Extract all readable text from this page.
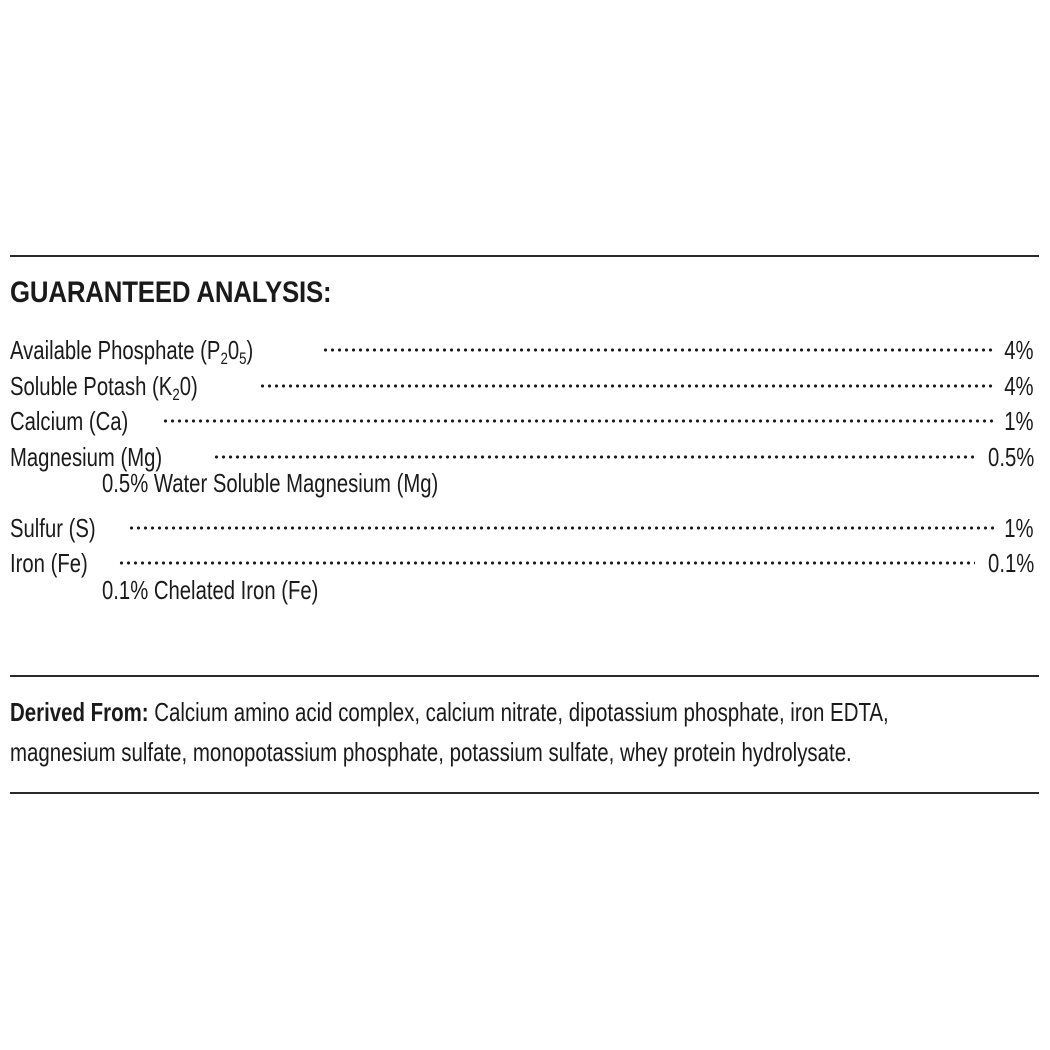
GUARANTEED ANALYSIS:
Available Phosphate $(P_20_5)$	4%
Soluble Potash $(K_20)$	4%
Calcium (Ca)	1%
Magnesium (Mg)	0.5%
0.5% Water Soluble Magnesium (Mg)
Sulfur (S)	1%
Iron (Fe)	0.1%
0.1% Chelated Iron (Fe)
Derived From: Calcium amino acid complex, calcium nitrate, dipotassium phosphate, iron EDTA,
magnesium sulfate, monopotassium phosphate, potassium sulfate, whey protein hydrolysate.
